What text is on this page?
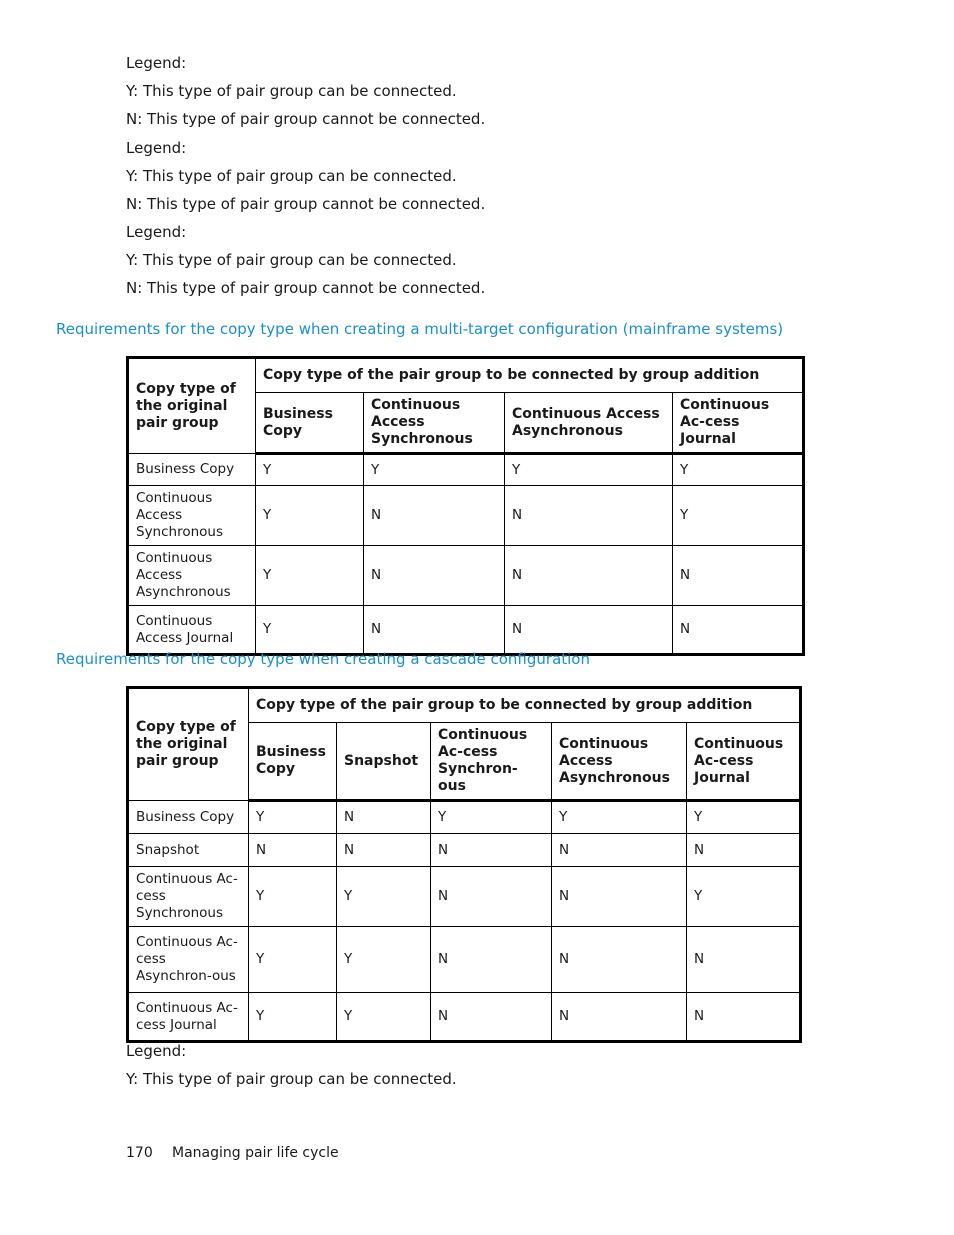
Legend:
Y: This type of pair group can be connected.
N: This type of pair group cannot be connected.
Legend:
Y: This type of pair group can be connected.
N: This type of pair group cannot be connected.
Legend:
Y: This type of pair group can be connected.
N: This type of pair group cannot be connected.
Requirements for the copy type when creating a multi-target configuration (mainframe systems)
Copy type of the original pair group	Copy type of the pair group to be connected by group addition			
	Business Copy	Continuous Access Synchronous	Continuous Access Asynchronous	Continuous Ac-cess Journal
Business Copy	Y	Y	Y	Y
Continuous Access Synchronous	Y	N	N	Y
Continuous Access Asynchronous	Y	N	N	N
Continuous Access Journal	Y	N	N	N
Requirements for the copy type when creating a cascade configuration
Copy type of the original pair group	Copy type of the pair group to be connected by group addition				
	Business Copy	Snapshot	Continuous Ac-cess Synchron-ous	Continuous Access Asynchronous	Continuous Ac-cess Journal
Business Copy	Y	N	Y	Y	Y
Snapshot	N	N	N	N	N
Continuous Ac-cess Synchronous	Y	Y	N	N	Y
Continuous Ac-cess Asynchron-ous	Y	Y	N	N	N
Continuous Ac-cess Journal	Y	Y	N	N	N
Legend:
Y: This type of pair group can be connected.
170 Managing pair life cycle
